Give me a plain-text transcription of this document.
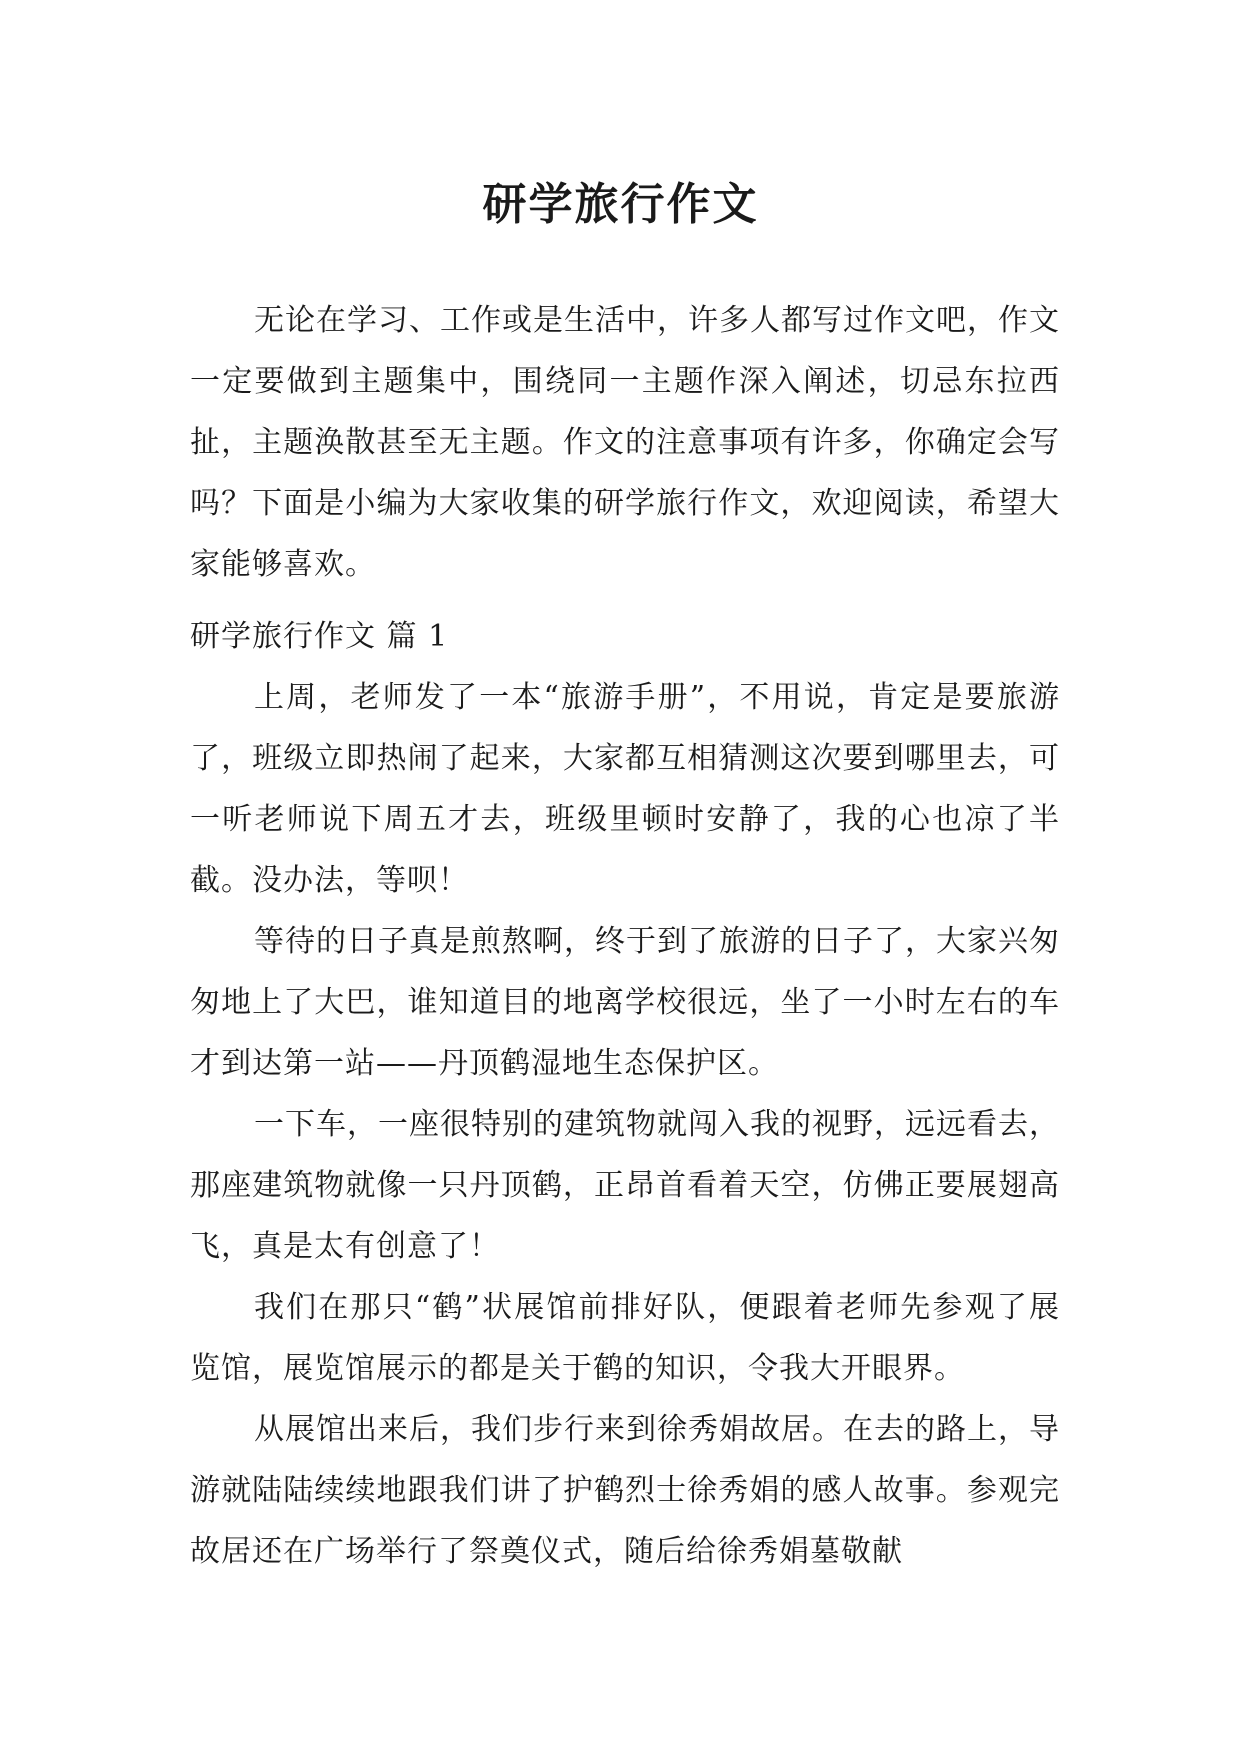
研学旅行作文

无论在学习、工作或是生活中，许多人都写过作文吧，作文一定要做到主题集中，围绕同一主题作深入阐述，切忌东拉西扯，主题涣散甚至无主题。作文的注意事项有许多，你确定会写吗？下面是小编为大家收集的研学旅行作文，欢迎阅读，希望大家能够喜欢。

研学旅行作文 篇 1

上周，老师发了一本“旅游手册”，不用说，肯定是要旅游了，班级立即热闹了起来，大家都互相猜测这次要到哪里去，可一听老师说下周五才去，班级里顿时安静了，我的心也凉了半截。没办法，等呗！

等待的日子真是煎熬啊，终于到了旅游的日子了，大家兴匆匆地上了大巴，谁知道目的地离学校很远，坐了一小时左右的车才到达第一站——丹顶鹤湿地生态保护区。

一下车，一座很特别的建筑物就闯入我的视野，远远看去，那座建筑物就像一只丹顶鹤，正昂首看着天空，仿佛正要展翅高飞，真是太有创意了！

我们在那只“鹤”状展馆前排好队，便跟着老师先参观了展览馆，展览馆展示的都是关于鹤的知识，令我大开眼界。

从展馆出来后，我们步行来到徐秀娟故居。在去的路上，导游就陆陆续续地跟我们讲了护鹤烈士徐秀娟的感人故事。参观完故居还在广场举行了祭奠仪式，随后给徐秀娟墓敬献
